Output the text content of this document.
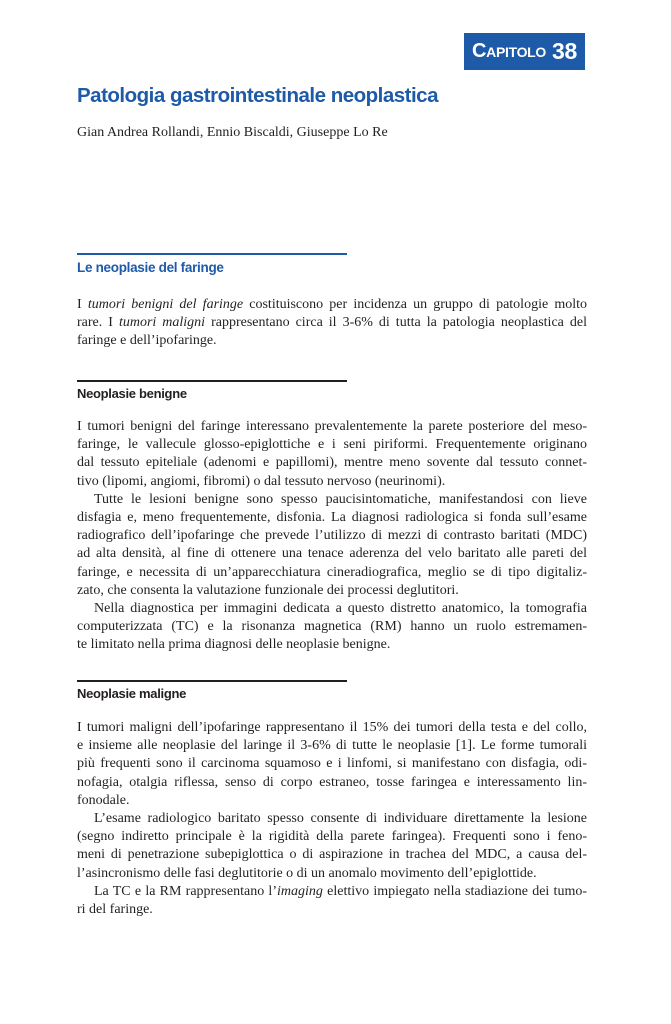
Capitolo 38
Patologia gastrointestinale neoplastica
Gian Andrea Rollandi, Ennio Biscaldi, Giuseppe Lo Re
Le neoplasie del faringe
I tumori benigni del faringe costituiscono per incidenza un gruppo di patologie molto
rare. I tumori maligni rappresentano circa il 3-6% di tutta la patologia neoplastica del
faringe e dell’ipofaringe.
Neoplasie benigne
I tumori benigni del faringe interessano prevalentemente la parete posteriore del meso-
faringe, le vallecule glosso-epiglottiche e i seni piriformi. Frequentemente originano
dal tessuto epiteliale (adenomi e papillomi), mentre meno sovente dal tessuto connet-
tivo (lipomi, angiomi, fibromi) o dal tessuto nervoso (neurinomi).
Tutte le lesioni benigne sono spesso paucisintomatiche, manifestandosi con lieve
disfagia e, meno frequentemente, disfonia. La diagnosi radiologica si fonda sull’esame
radiografico dell’ipofaringe che prevede l’utilizzo di mezzi di contrasto baritati (MDC)
ad alta densità, al fine di ottenere una tenace aderenza del velo baritato alle pareti del
faringe, e necessita di un’apparecchiatura cineradiografica, meglio se di tipo digitaliz-
zato, che consenta la valutazione funzionale dei processi deglutitori.
Nella diagnostica per immagini dedicata a questo distretto anatomico, la tomografia
computerizzata (TC) e la risonanza magnetica (RM) hanno un ruolo estremamen-
te limitato nella prima diagnosi delle neoplasie benigne.
Neoplasie maligne
I tumori maligni dell’ipofaringe rappresentano il 15% dei tumori della testa e del collo,
e insieme alle neoplasie del laringe il 3-6% di tutte le neoplasie [1]. Le forme tumorali
più frequenti sono il carcinoma squamoso e i linfomi, si manifestano con disfagia, odi-
nofagia, otalgia riflessa, senso di corpo estraneo, tosse faringea e interessamento lin-
fonodale.
L’esame radiologico baritato spesso consente di individuare direttamente la lesione
(segno indiretto principale è la rigidità della parete faringea). Frequenti sono i feno-
meni di penetrazione subepiglottica o di aspirazione in trachea del MDC, a causa del-
l’asincronismo delle fasi deglutitorie o di un anomalo movimento dell’epiglottide.
La TC e la RM rappresentano l’imaging elettivo impiegato nella stadiazione dei tumo-
ri del faringe.
